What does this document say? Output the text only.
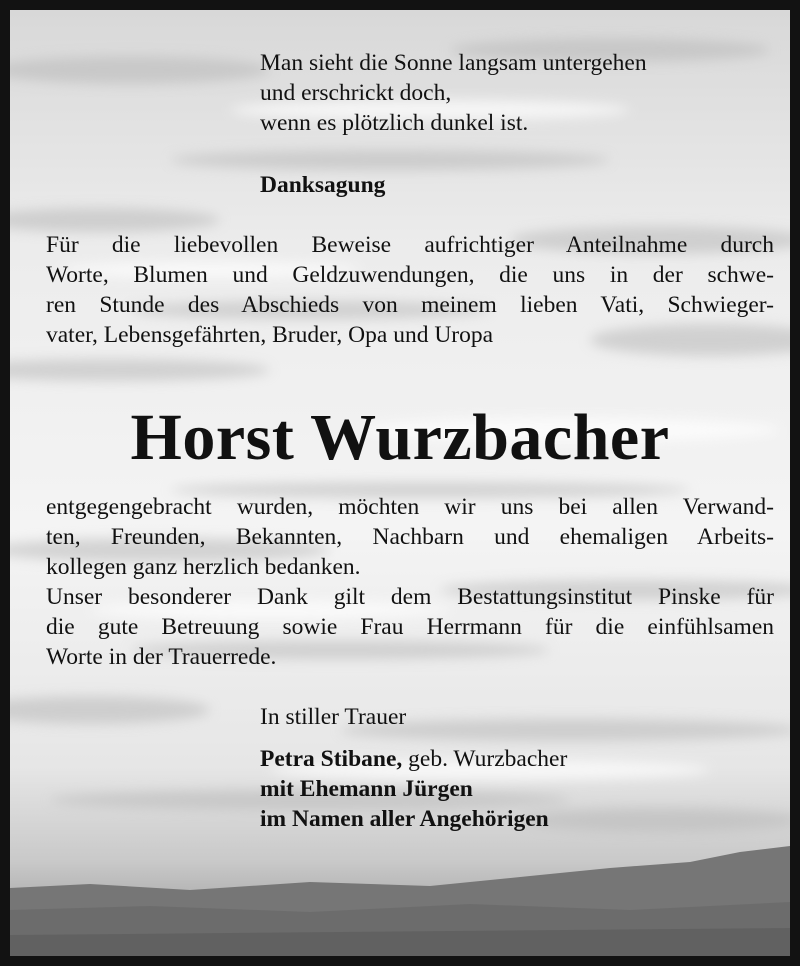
Man sieht die Sonne langsam untergehen

und erschrickt doch,

wenn es plötzlich dunkel ist.

Danksagung

Für die liebevollen Beweise aufrichtiger Anteilnahme durch

Worte, Blumen und Geldzuwendungen, die uns in der schwe-

ren Stunde des Abschieds von meinem lieben Vati, Schwieger-

vater, Lebensgefährten, Bruder, Opa und Uropa

Horst Wurzbacher

entgegengebracht wurden, möchten wir uns bei allen Verwand-

ten, Freunden, Bekannten, Nachbarn und ehemaligen Arbeits-

kollegen ganz herzlich bedanken.

Unser besonderer Dank gilt dem Bestattungsinstitut Pinske für

die gute Betreuung sowie Frau Herrmann für die einfühlsamen

Worte in der Trauerrede.

In stiller Trauer

Petra Stibane, geb. Wurzbacher

mit Ehemann Jürgen

im Namen aller Angehörigen
